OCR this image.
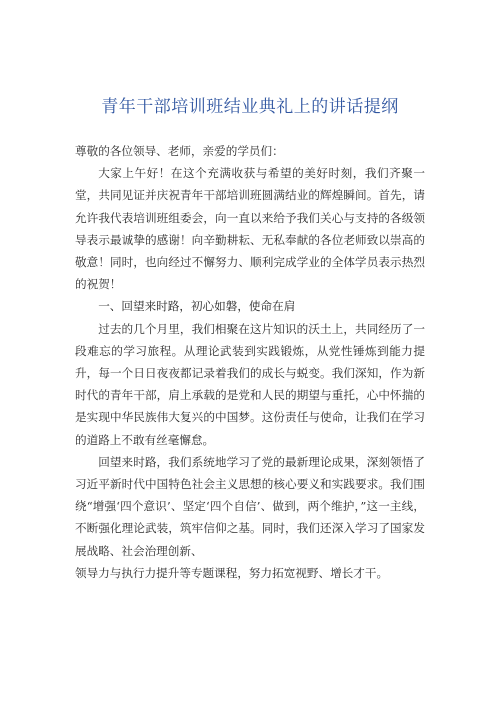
青年干部培训班结业典礼上的讲话提纲

尊敬的各位领导、老师，亲爱的学员们：

大家上午好！在这个充满收获与希望的美好时刻，我们齐聚一堂，共同见证并庆祝青年干部培训班圆满结业的辉煌瞬间。首先，请允许我代表培训班组委会，向一直以来给予我们关心与支持的各级领导表示最诚挚的感谢！向辛勤耕耘、无私奉献的各位老师致以崇高的敬意！同时，也向经过不懈努力、顺利完成学业的全体学员表示热烈的祝贺！

一、回望来时路，初心如磐，使命在肩

过去的几个月里，我们相聚在这片知识的沃土上，共同经历了一段难忘的学习旅程。从理论武装到实践锻炼，从党性锤炼到能力提升，每一个日日夜夜都记录着我们的成长与蜕变。我们深知，作为新时代的青年干部，肩上承载的是党和人民的期望与重托，心中怀揣的是实现中华民族伟大复兴的中国梦。这份责任与使命，让我们在学习的道路上不敢有丝毫懈怠。

回望来时路，我们系统地学习了党的最新理论成果，深刻领悟了习近平新时代中国特色社会主义思想的核心要义和实践要求。我们围绕“增强‘四个意识’、坚定‘四个自信’、做到，两个维护，”这一主线，不断强化理论武装，筑牢信仰之基。同时，我们还深入学习了国家发展战略、社会治理创新、

领导力与执行力提升等专题课程，努力拓宽视野、增长才干。
